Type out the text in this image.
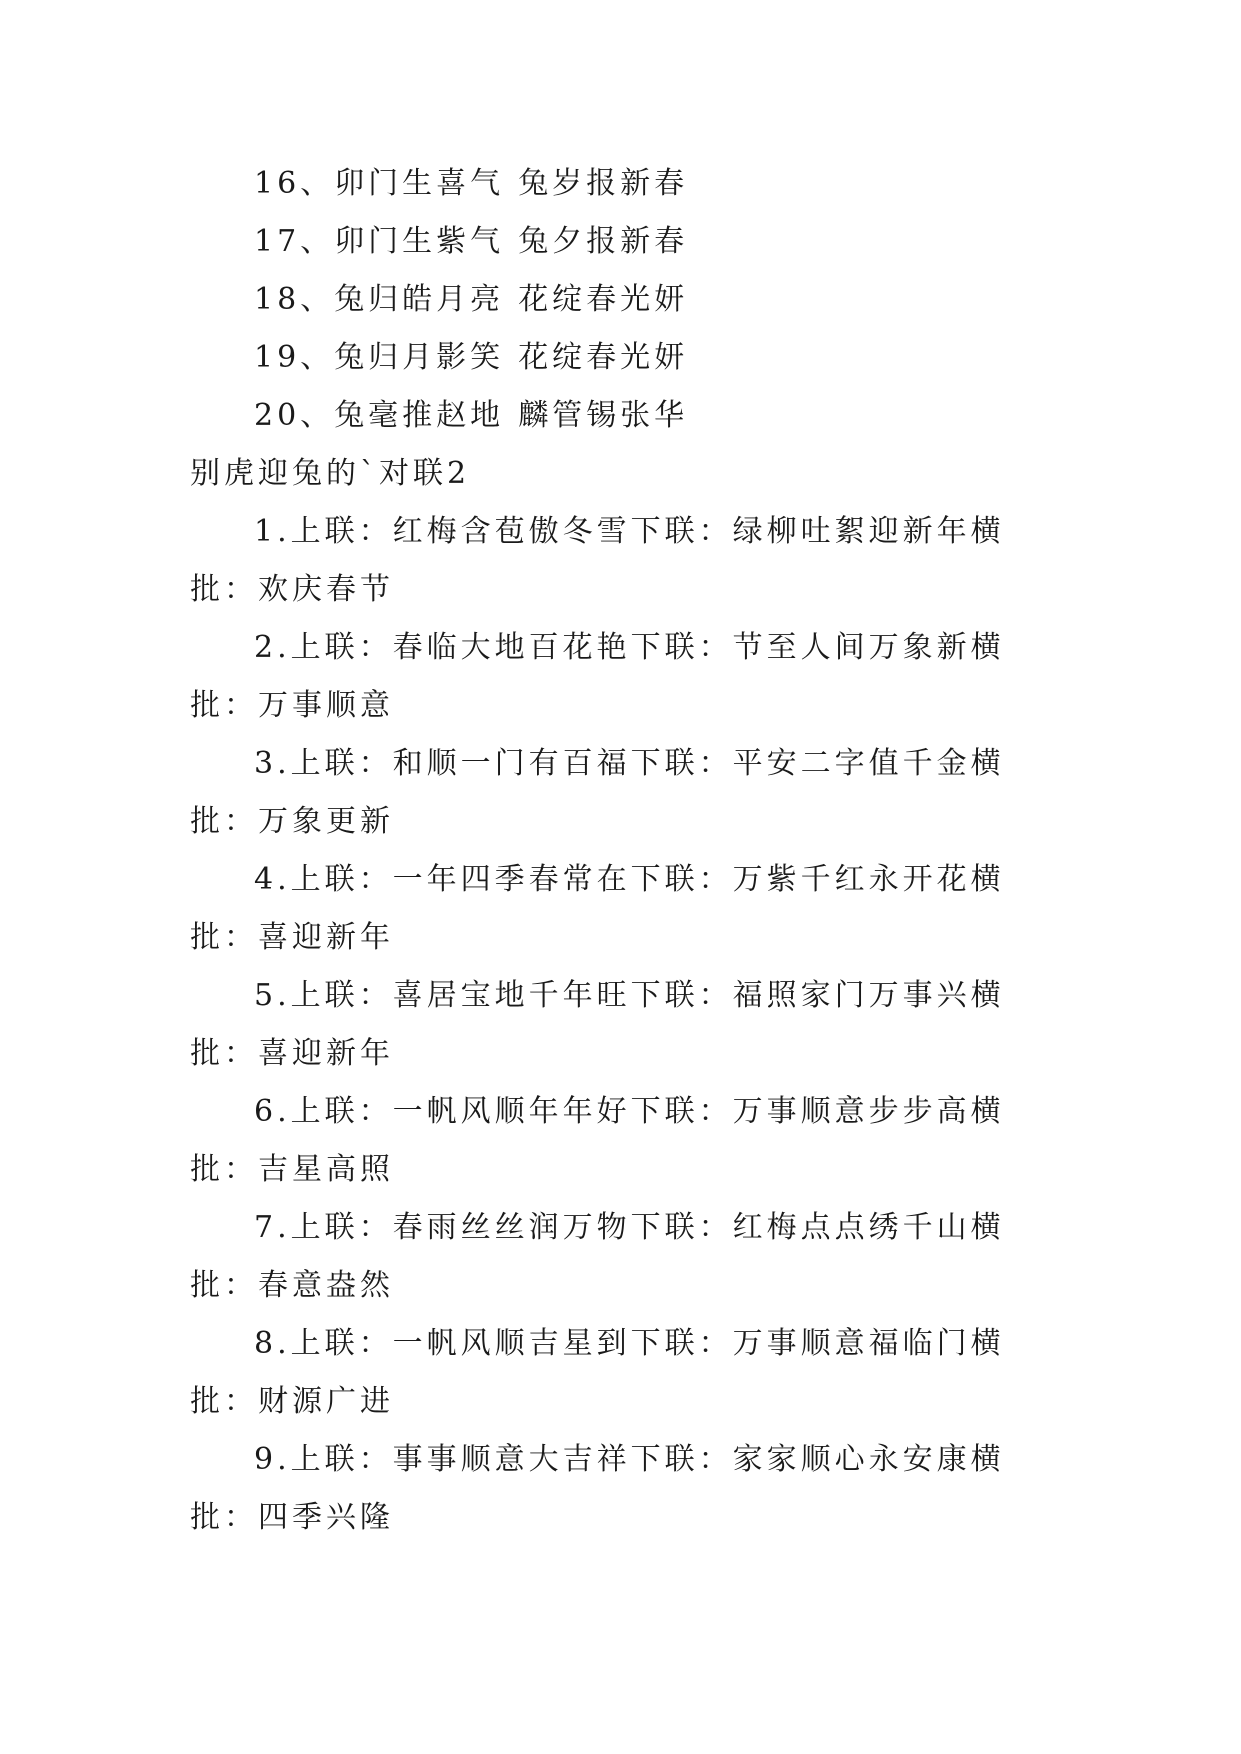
16、卯门生喜气 兔岁报新春
17、卯门生紫气 兔夕报新春
18、兔归皓月亮 花绽春光妍
19、兔归月影笑 花绽春光妍
20、兔毫推赵地 麟管锡张华
别虎迎兔的`对联2
1.上联：红梅含苞傲冬雪下联：绿柳吐絮迎新年横批：欢庆春节
2.上联：春临大地百花艳下联：节至人间万象新横批：万事顺意
3.上联：和顺一门有百福下联：平安二字值千金横批：万象更新
4.上联：一年四季春常在下联：万紫千红永开花横批：喜迎新年
5.上联：喜居宝地千年旺下联：福照家门万事兴横批：喜迎新年
6.上联：一帆风顺年年好下联：万事顺意步步高横批：吉星高照
7.上联：春雨丝丝润万物下联：红梅点点绣千山横批：春意盎然
8.上联：一帆风顺吉星到下联：万事顺意福临门横批：财源广进
9.上联：事事顺意大吉祥下联：家家顺心永安康横批：四季兴隆
